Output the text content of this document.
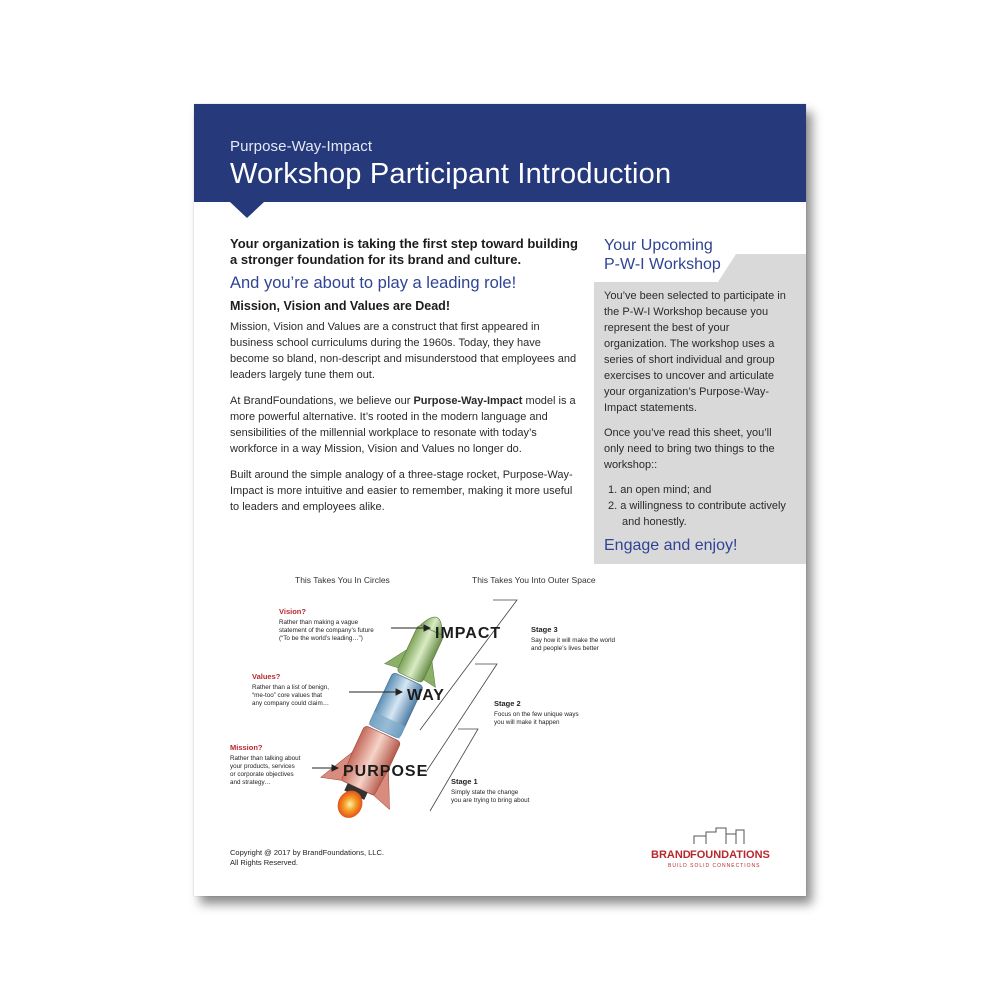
Purpose-Way-Impact
Workshop Participant Introduction

Your organization is taking the first step toward building a stronger foundation for its brand and culture.

And you’re about to play a leading role!

Mission, Vision and Values are Dead!

Mission, Vision and Values are a construct that first appeared in business school curriculums during the 1960s. Today, they have become so bland, non-descript and misunderstood that employees and leaders largely tune them out.

At BrandFoundations, we believe our Purpose-Way-Impact model is a more powerful alternative. It’s rooted in the modern language and sensibilities of the millennial workplace to resonate with today’s workforce in a way Mission, Vision and Values no longer do.

Built around the simple analogy of a three-stage rocket, Purpose-Way-Impact is more intuitive and easier to remember, making it more useful to leaders and employees alike.

Your Upcoming
P-W-I Workshop

You’ve been selected to participate in the P-W-I Workshop because you represent the best of your organization. The workshop uses a series of short individual and group exercises to uncover and articulate your organization’s Purpose-Way-Impact statements.

Once you’ve read this sheet, you’ll only need to bring two things to the workshop::

1. an open mind; and
2. a willingness to contribute actively and honestly.
Engage and enjoy!
This Takes You In Circles	This Takes You Into Outer Space
IMPACT
WAY
PURPOSE
Vision?
Rather than making a vague
statement of the company’s future
(“To be the world’s leading…”)
Values?
Rather than a list of benign,
“me-too” core values that
any company could claim…
Mission?
Rather than talking about
your products, services
or corporate objectives
and strategy…
Stage 3
Say how it will make the world
and people’s lives better
Stage 2
Focus on the few unique ways
you will make it happen
Stage 1
Simply state the change
you are trying to bring about
Copyright @ 2017 by BrandFoundations, LLC.
All Rights Reserved.
BRAND FOUNDATIONS
BUILD SOLID CONNECTIONS
